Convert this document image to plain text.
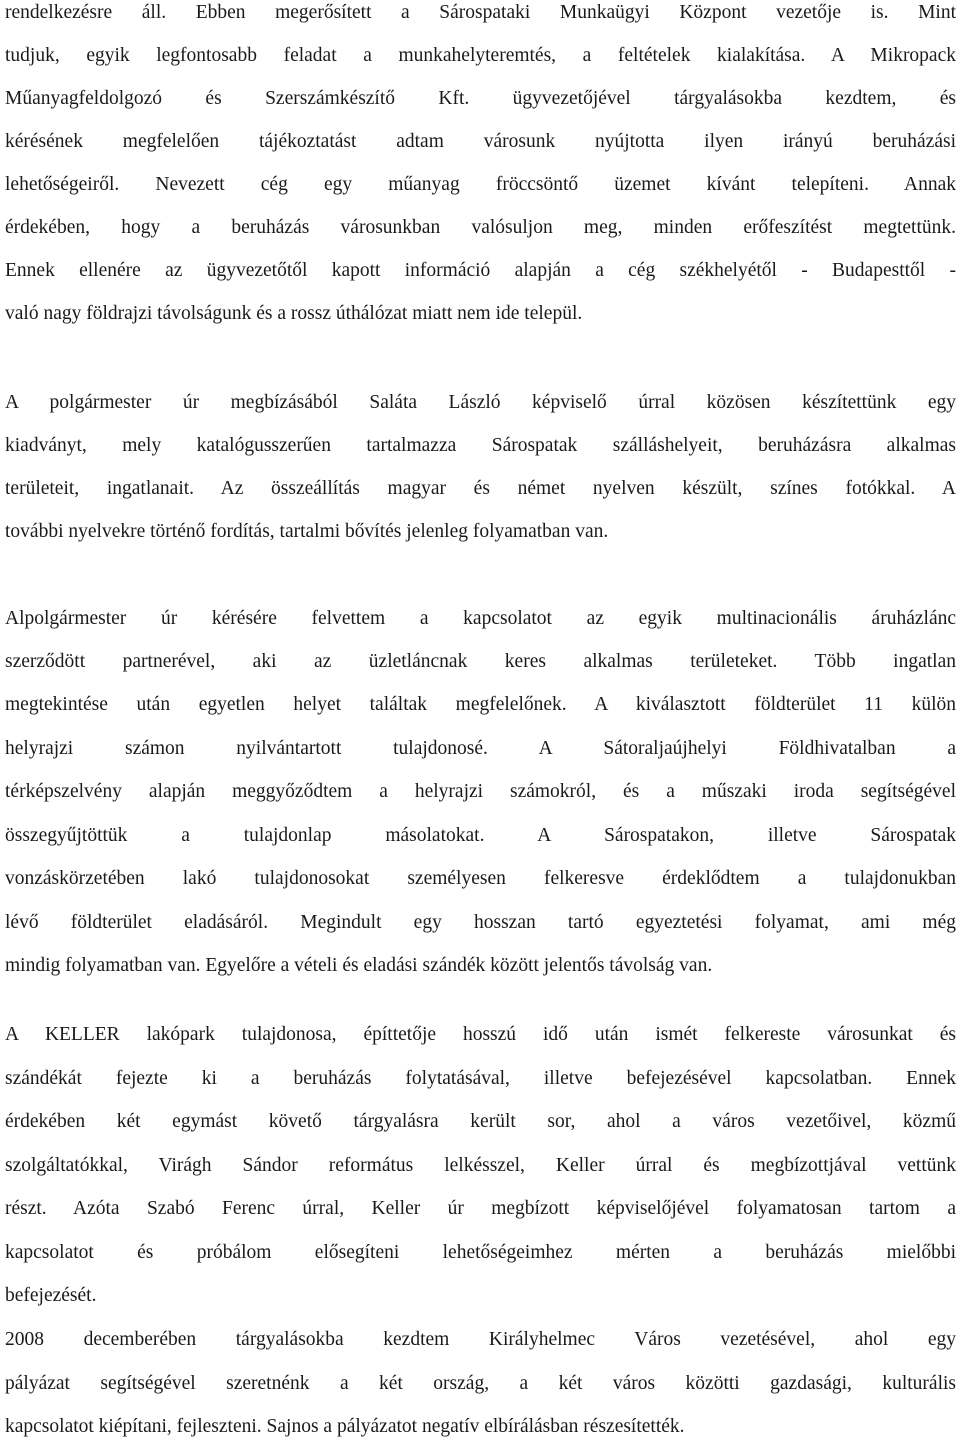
rendelkezésre áll. Ebben megerősített a Sárospataki Munkaügyi Központ vezetője is. Mint
tudjuk, egyik legfontosabb feladat a munkahelyteremtés, a feltételek kialakítása. A Mikropack
Műanyagfeldolgozó és Szerszámkészítő Kft. ügyvezetőjével tárgyalásokba kezdtem, és
kérésének megfelelően tájékoztatást adtam városunk nyújtotta ilyen irányú beruházási
lehetőségeiről. Nevezett cég egy műanyag fröccsöntő üzemet kívánt telepíteni. Annak
érdekében, hogy a beruházás városunkban valósuljon meg, minden erőfeszítést megtettünk.
Ennek ellenére az ügyvezetőtől kapott információ alapján a cég székhelyétől - Budapesttől -
való nagy földrajzi távolságunk és a rossz úthálózat miatt nem ide települ.
A polgármester úr megbízásából Saláta László képviselő úrral közösen készítettünk egy
kiadványt, mely katalógusszerűen tartalmazza Sárospatak szálláshelyeit, beruházásra alkalmas
területeit, ingatlanait. Az összeállítás magyar és német nyelven készült, színes fotókkal. A
további nyelvekre történő fordítás, tartalmi bővítés jelenleg folyamatban van.
Alpolgármester úr kérésére felvettem a kapcsolatot az egyik multinacionális áruházlánc
szerződött partnerével, aki az üzletláncnak keres alkalmas területeket. Több ingatlan
megtekintése után egyetlen helyet találtak megfelelőnek. A kiválasztott földterület 11 külön
helyrajzi számon nyilvántartott tulajdonosé. A Sátoraljaújhelyi Földhivatalban a
térképszelvény alapján meggyőződtem a helyrajzi számokról, és a műszaki iroda segítségével
összegyűjtöttük a tulajdonlap másolatokat. A Sárospatakon, illetve Sárospatak
vonzáskörzetében lakó tulajdonosokat személyesen felkeresve érdeklődtem a tulajdonukban
lévő földterület eladásáról. Megindult egy hosszan tartó egyeztetési folyamat, ami még
mindig folyamatban van. Egyelőre a vételi és eladási szándék között jelentős távolság van.
A KELLER lakópark tulajdonosa, építtetője hosszú idő után ismét felkereste városunkat és
szándékát fejezte ki a beruházás folytatásával, illetve befejezésével kapcsolatban. Ennek
érdekében két egymást követő tárgyalásra került sor, ahol a város vezetőivel, közmű
szolgáltatókkal, Virágh Sándor református lelkésszel, Keller úrral és megbízottjával vettünk
részt. Azóta Szabó Ferenc úrral, Keller úr megbízott képviselőjével folyamatosan tartom a
kapcsolatot és próbálom elősegíteni lehetőségeimhez mérten a beruházás mielőbbi
befejezését.
2008 decemberében tárgyalásokba kezdtem Királyhelmec Város vezetésével, ahol egy
pályázat segítségével szeretnénk a két ország, a két város közötti gazdasági, kulturális
kapcsolatot kiépítani, fejleszteni. Sajnos a pályázatot negatív elbírálásban részesítették.
